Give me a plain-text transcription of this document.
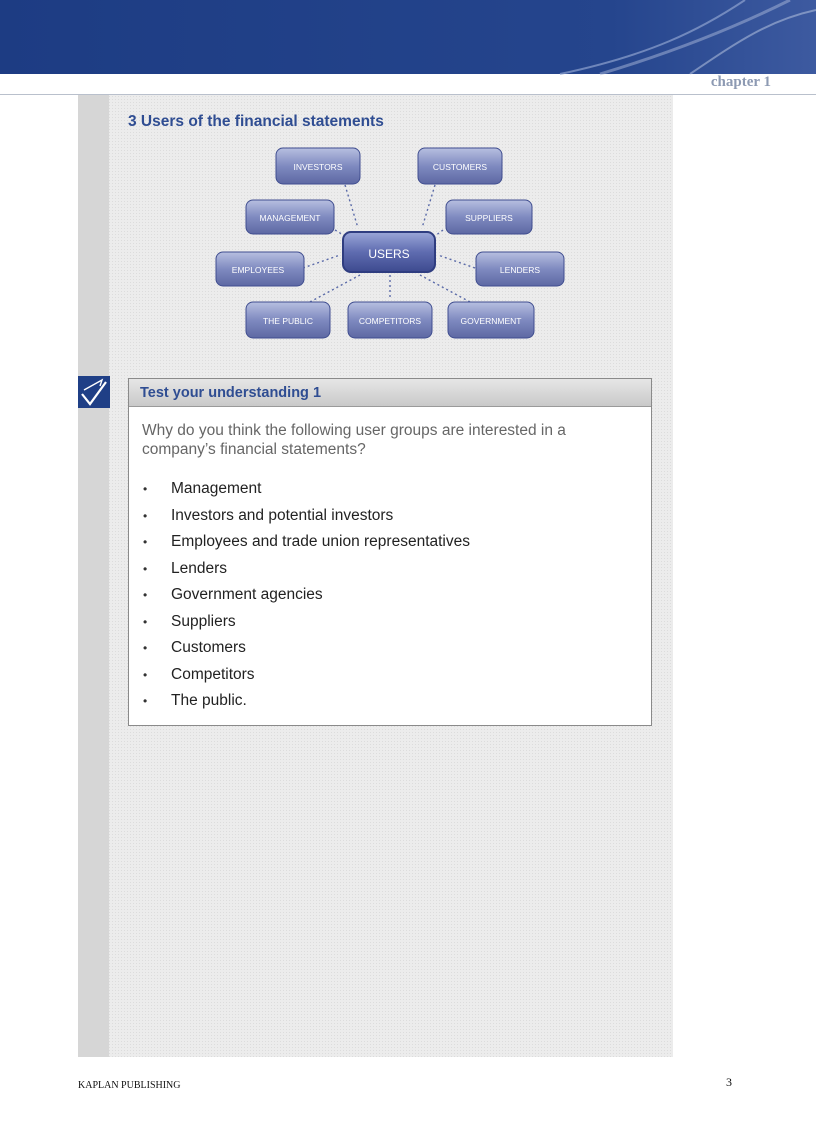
chapter 1
3 Users of the financial statements
INVESTORS	CUSTOMERS
MANAGEMENT	SUPPLIERS
USERS
EMPLOYEES	LENDERS
THE PUBLIC	COMPETITORS	GOVERNMENT
Test your understanding 1
Why do you think the following user groups are interested in a company’s financial statements?
• Management
• Investors and potential investors
• Employees and trade union representatives
• Lenders
• Government agencies
• Suppliers
• Customers
• Competitors
• The public.
KAPLAN PUBLISHING	3
